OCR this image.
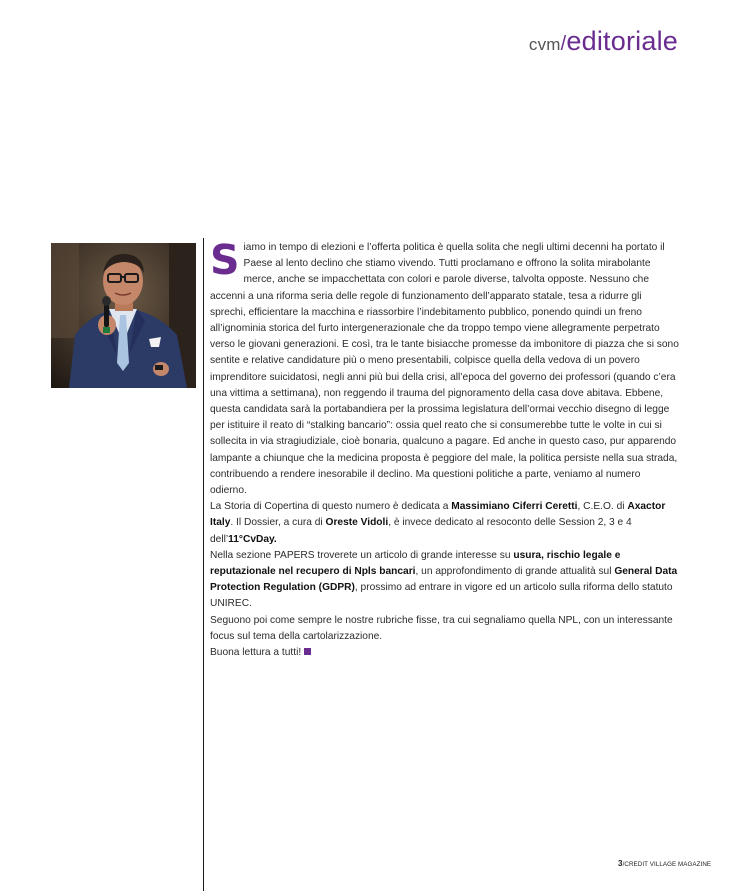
cvm/editoriale

Siamo in tempo di elezioni e l’offerta politica è quella solita che negli ultimi decenni ha portato il Paese al lento declino che stiamo vivendo. Tutti proclamano e offrono la solita mirabolante merce, anche se impacchettata con colori e parole diverse, talvolta opposte. Nessuno che accenni a una riforma seria delle regole di funzionamento dell’apparato statale, tesa a ridurre gli sprechi, efficientare la macchina e riassorbire l’indebitamento pubblico, ponendo quindi un freno all’ignominia storica del furto intergenerazionale che da troppo tempo viene allegramente perpetrato verso le giovani generazioni. E così, tra le tante bisiacche promesse da imbonitore di piazza che si sono sentite e relative candidature più o meno presentabili, colpisce quella della vedova di un povero imprenditore suicidatosi, negli anni più bui della crisi, all’epoca del governo dei professori (quando c’era una vittima a settimana), non reggendo il trauma del pignoramento della casa dove abitava. Ebbene, questa candidata sarà la portabandiera per la prossima legislatura dell’ormai vecchio disegno di legge per istituire il reato di “stalking bancario”: ossia quel reato che si consumerebbe tutte le volte in cui si sollecita in via stragiudiziale, cioè bonaria, qualcuno a pagare. Ed anche in questo caso, pur apparendo lampante a chiunque che la medicina proposta è peggiore del male, la politica persiste nella sua strada, contribuendo a rendere inesorabile il declino. Ma questioni politiche a parte, veniamo al numero odierno.

La Storia di Copertina di questo numero è dedicata a Massimiano Ciferri Ceretti, C.E.O. di Axactor Italy. Il Dossier, a cura di Oreste Vidoli, è invece dedicato al resoconto delle Session 2, 3 e 4 dell’11°CvDay.

Nella sezione PAPERS troverete un articolo di grande interesse su usura, rischio legale e reputazionale nel recupero di Npls bancari, un approfondimento di grande attualità sul General Data Protection Regulation (GDPR), prossimo ad entrare in vigore ed un articolo sulla riforma dello statuto UNIREC.

Seguono poi come sempre le nostre rubriche fisse, tra cui segnaliamo quella NPL, con un interessante focus sul tema della cartolarizzazione.

Buona lettura a tutti!

3/CREDIT VILLAGE MAGAZINE
